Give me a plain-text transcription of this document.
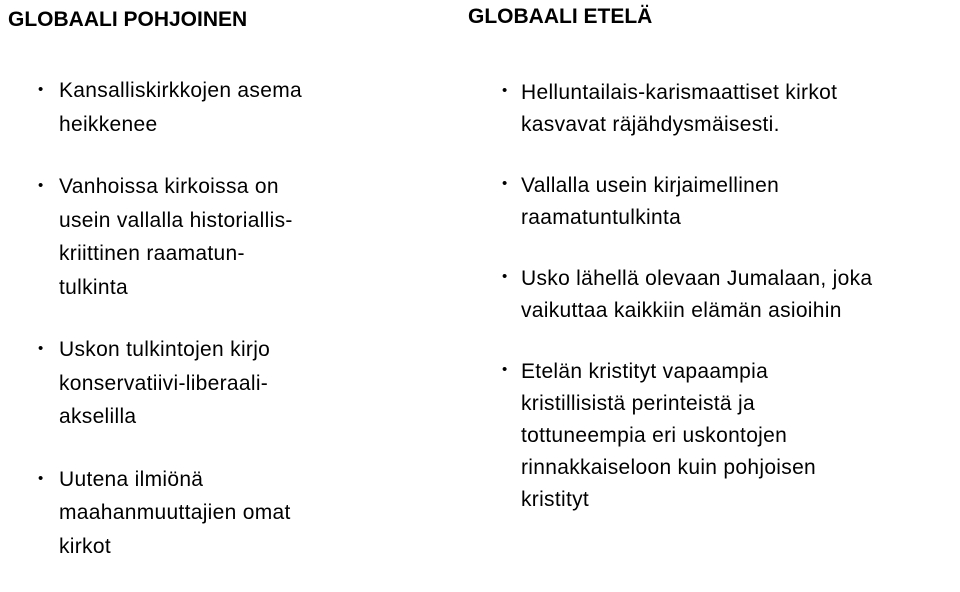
GLOBAALI POHJOINEN
• Kansalliskirkkojen asema
heikkenee
• Vanhoissa kirkoissa on
usein vallalla historiallis-
kriittinen raamatun-
tulkinta
• Uskon tulkintojen kirjo
konservatiivi-liberaali-
akselilla
• Uutena ilmiönä
maahanmuuttajien omat
kirkot
GLOBAALI ETELÄ
• Helluntailais-karismaattiset kirkot
kasvavat räjähdysmäisesti.
• Vallalla usein kirjaimellinen
raamatuntulkinta
• Usko lähellä olevaan Jumalaan, joka
vaikuttaa kaikkiin elämän asioihin
• Etelän kristityt vapaampia
kristillisistä perinteistä ja
tottuneempia eri uskontojen
rinnakkaiseloon kuin pohjoisen
kristityt
